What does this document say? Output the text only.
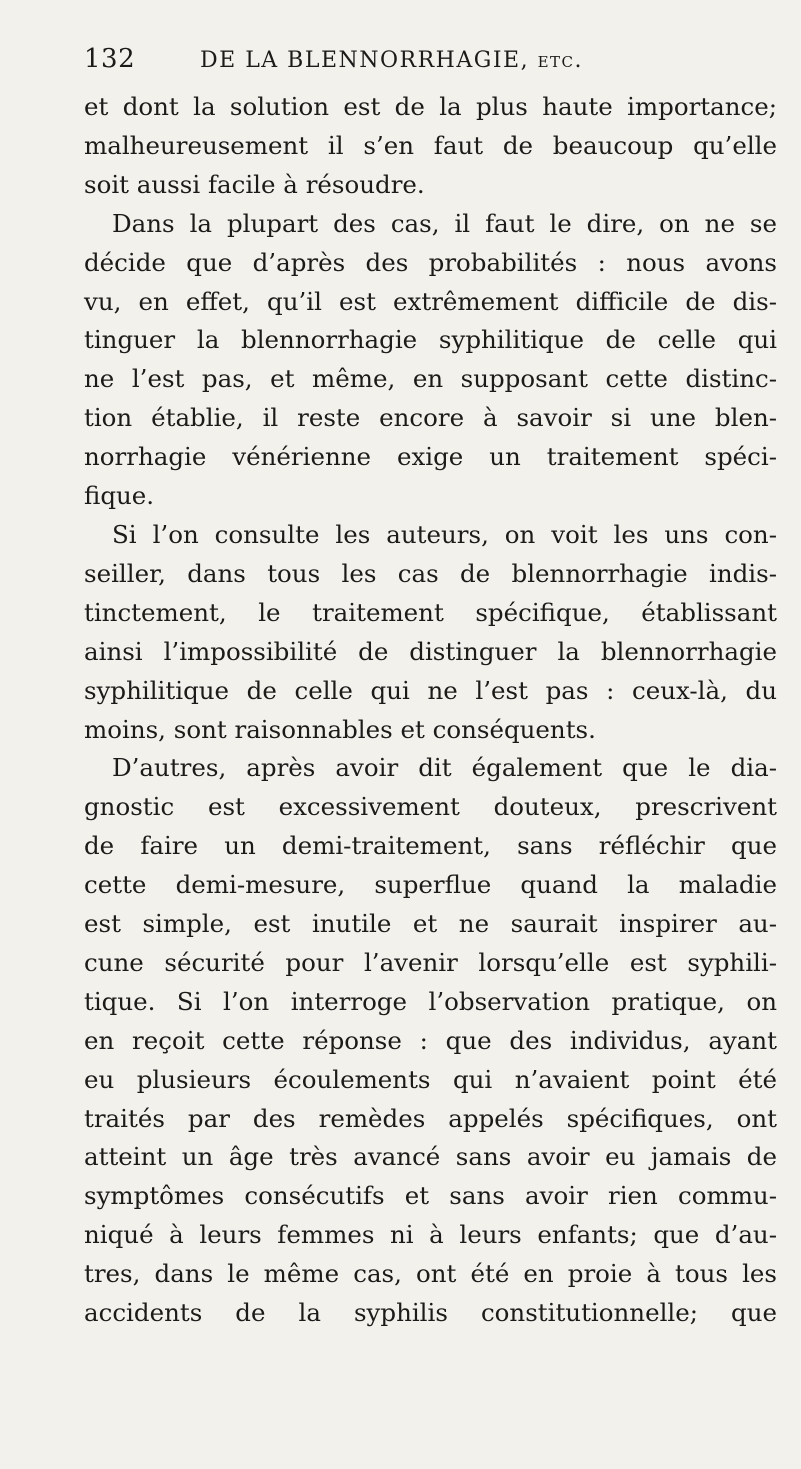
132	DE LA BLENNORRHAGIE, etc.
et dont la solution est de la plus haute importance;
malheureusement il s’en faut de beaucoup qu’elle
soit aussi facile à résoudre.
Dans la plupart des cas, il faut le dire, on ne se
décide que d’après des probabilités : nous avons
vu, en effet, qu’il est extrêmement difficile de dis-
tinguer la blennorrhagie syphilitique de celle qui
ne l’est pas, et même, en supposant cette distinc-
tion établie, il reste encore à savoir si une blen-
norrhagie vénérienne exige un traitement spéci-
fique.
Si l’on consulte les auteurs, on voit les uns con-
seiller, dans tous les cas de blennorrhagie indis-
tinctement, le traitement spécifique, établissant
ainsi l’impossibilité de distinguer la blennorrhagie
syphilitique de celle qui ne l’est pas : ceux-là, du
moins, sont raisonnables et conséquents.
D’autres, après avoir dit également que le dia-
gnostic est excessivement douteux, prescrivent
de faire un demi-traitement, sans réfléchir que
cette demi-mesure, superflue quand la maladie
est simple, est inutile et ne saurait inspirer au-
cune sécurité pour l’avenir lorsqu’elle est syphili-
tique. Si l’on interroge l’observation pratique, on
en reçoit cette réponse : que des individus, ayant
eu plusieurs écoulements qui n’avaient point été
traités par des remèdes appelés spécifiques, ont
atteint un âge très avancé sans avoir eu jamais de
symptômes consécutifs et sans avoir rien commu-
niqué à leurs femmes ni à leurs enfants; que d’au-
tres, dans le même cas, ont été en proie à tous les
accidents de la syphilis constitutionnelle; que
